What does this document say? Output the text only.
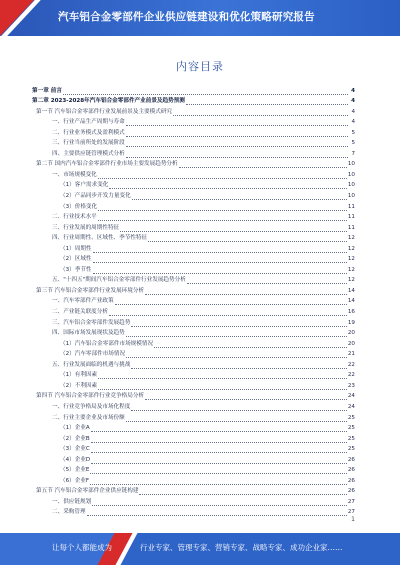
汽车铝合金零部件企业供应链建设和优化策略研究报告
内容目录
第一章 前言	4
第二章 2023-2028年汽车铝合金零部件产业前景及趋势预测	4
第一节 汽车铝合金零部件行业发展前景及主要模式研究	4
一、行业产品生产周期与寿命	4
二、行业业务模式及盈利模式	5
三、行业当前所处的发展阶段	5
四、主要供应链管理模式分析	7
第二节 国内汽车铝合金零部件行业市场主要发展趋势分析	10
一、市场规模变化	10
（1）客户需求变化	10
（2）产品同步开发力量变化	10
（3）价格变化	11
二、行业技术水平	11
三、行业发展的周期性特征	11
四、行业周期性、区域性、季节性特征	12
（1）周期性	12
（2）区域性	12
（3）季节性	12
五、"十四五"期间汽车铝合金零部件行业发展趋势分析	12
第三节 汽车铝合金零部件行业发展环境分析	14
一、汽车零部件产业政策	14
二、产业链关联度分析	16
三、汽车铝合金零部件发展趋势	19
四、国际市场发展现状及趋势	20
（1）汽车铝合金零部件市场规模情况	20
（2）汽车零部件市场情况	21
五、行业发展面临的机遇与挑战	22
（1）有利因素	22
（2）不利因素	23
第四节 汽车铝合金零部件行业竞争格局分析	24
一、行业竞争格局及市场化程度	24
二、行业主要企业及市场份额	25
（1）企业A	25
（2）企业B	25
（3）企业C	25
（4）企业D	26
（5）企业E	26
（6）企业F	26
第五节 汽车铝合金零部件企业供应链构建	26
一、供应链规划	27
二、采购管理	27
1
让每个人都能成为	行业专家、管理专家、营销专家、战略专家、成功企业家……
